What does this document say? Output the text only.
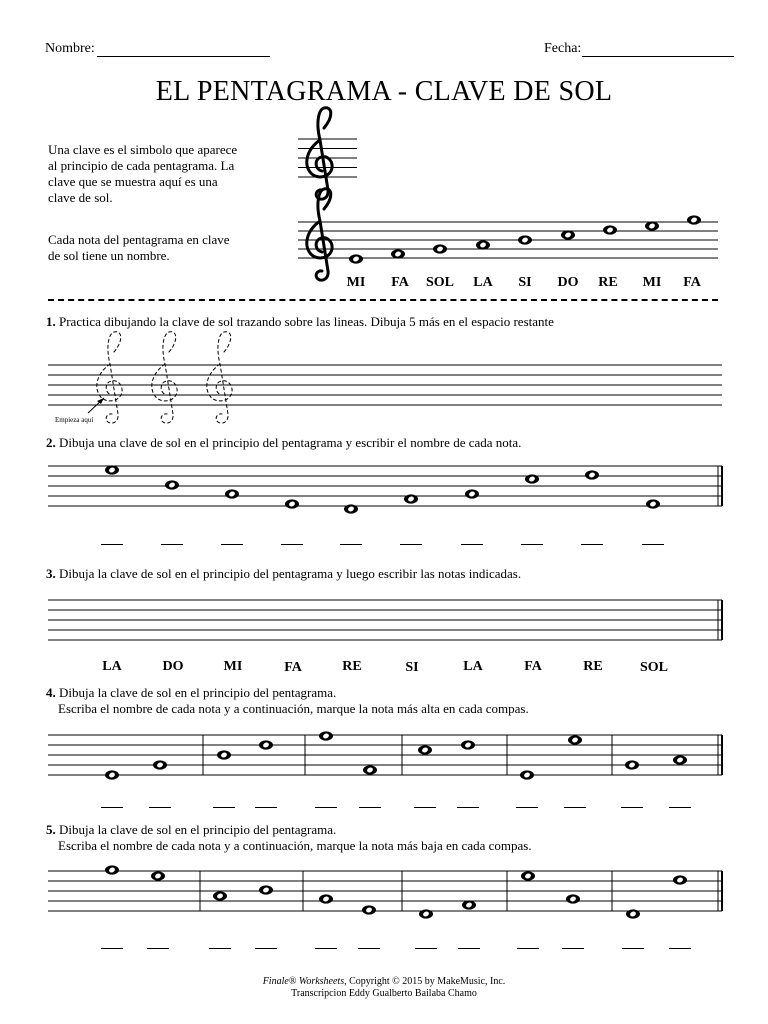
Nombre:	Fecha:
EL PENTAGRAMA - CLAVE DE SOL
Una clave es el simbolo que aparece
al principio de cada pentagrama. La
clave que se muestra aquí es una
clave de sol.
Cada nota del pentagrama en clave
de sol tiene un nombre.
MI	FA	SOL	LA	SI	DO	RE	MI	FA
1. Practica dibujando la clave de sol trazando sobre las lineas. Dibuja 5 más en el espacio restante
Empieza aquí
2. Dibuja una clave de sol en el principio del pentagrama y escribir el nombre de cada nota.
3. Dibuja la clave de sol en el principio del pentagrama y luego escribir las notas indicadas.
LA	DO	MI	FA	RE	SI	LA	FA	RE	SOL
4. Dibuja la clave de sol en el principio del pentagrama.
Escriba el nombre de cada nota y a continuación, marque la nota más alta en cada compas.
5. Dibuja la clave de sol en el principio del pentagrama.
Escriba el nombre de cada nota y a continuación, marque la nota más baja en cada compas.
Finale® Worksheets, Copyright © 2015 by MakeMusic, Inc.
Transcripcion Eddy Gualberto Bailaba Chamo
